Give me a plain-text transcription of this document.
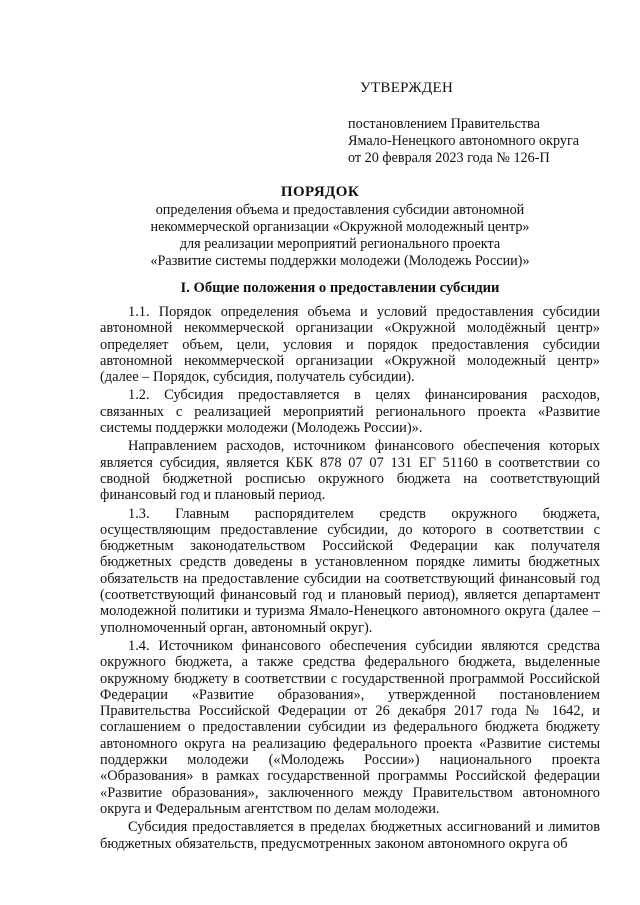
УТВЕРЖДЕН
постановлением Правительства
Ямало-Ненецкого автономного округа
от 20 февраля 2023 года № 126-П
ПОРЯДОК
определения объема и предоставления субсидии автономной
некоммерческой организации «Окружной молодежный центр»
для реализации мероприятий регионального проекта
«Развитие системы поддержки молодежи (Молодежь России)»
I. Общие положения о предоставлении субсидии

1.1. Порядок определения объема и условий предоставления субсидии автономной некоммерческой организации «Окружной молодёжный центр» определяет объем, цели, условия и порядок предоставления субсидии автономной некоммерческой организации «Окружной молодежный центр» (далее – Порядок, субсидия, получатель субсидии).

1.2. Субсидия предоставляется в целях финансирования расходов, связанных с реализацией мероприятий регионального проекта «Развитие системы поддержки молодежи (Молодежь России)».

Направлением расходов, источником финансового обеспечения которых является субсидия, является КБК 878 07 07 131 ЕГ 51160 в соответствии со сводной бюджетной росписью окружного бюджета на соответствующий финансовый год и плановый период.

1.3. Главным распорядителем средств окружного бюджета, осуществляющим предоставление субсидии, до которого в соответствии с бюджетным законодательством Российской Федерации как получателя бюджетных средств доведены в установленном порядке лимиты бюджетных обязательств на предоставление субсидии на соответствующий финансовый год (соответствующий финансовый год и плановый период), является департамент молодежной политики и туризма Ямало-Ненецкого автономного округа (далее – уполномоченный орган, автономный округ).

1.4. Источником финансового обеспечения субсидии являются средства окружного бюджета, а также средства федерального бюджета, выделенные окружному бюджету в соответствии с государственной программой Российской Федерации «Развитие образования», утвержденной постановлением Правительства Российской Федерации от 26 декабря 2017 года № 1642, и соглашением о предоставлении субсидии из федерального бюджета бюджету автономного округа на реализацию федерального проекта «Развитие системы поддержки молодежи («Молодежь России») национального проекта «Образования» в рамках государственной программы Российской федерации «Развитие образования», заключенного между Правительством автономного округа и Федеральным агентством по делам молодежи.

Субсидия предоставляется в пределах бюджетных ассигнований и лимитов бюджетных обязательств, предусмотренных законом автономного округа об
